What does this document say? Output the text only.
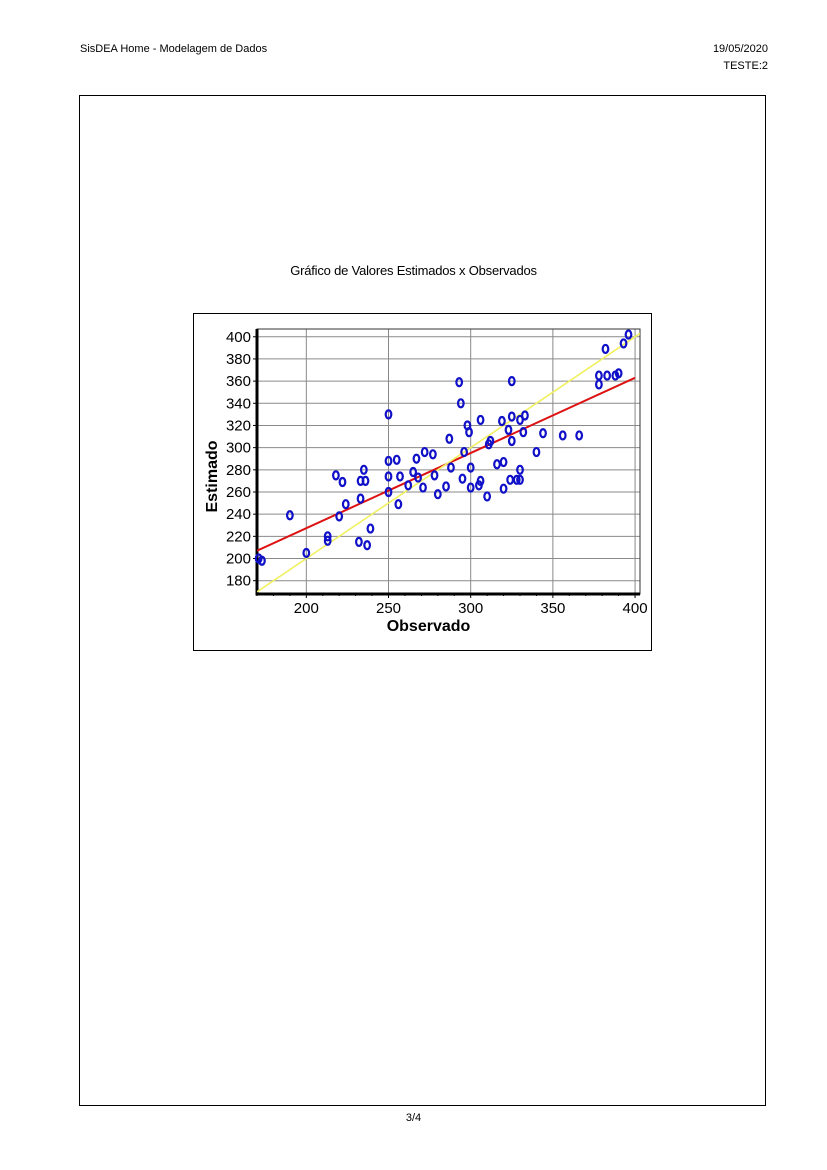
SisDEA Home - Modelagem de Dados	19/05/2020
TESTE:2
Gráfico de Valores Estimados x Observados
180
200
220
240
260
280
300
320
340
360
380
400
200	250	300	350	400
Observado
Estimado
3/4
